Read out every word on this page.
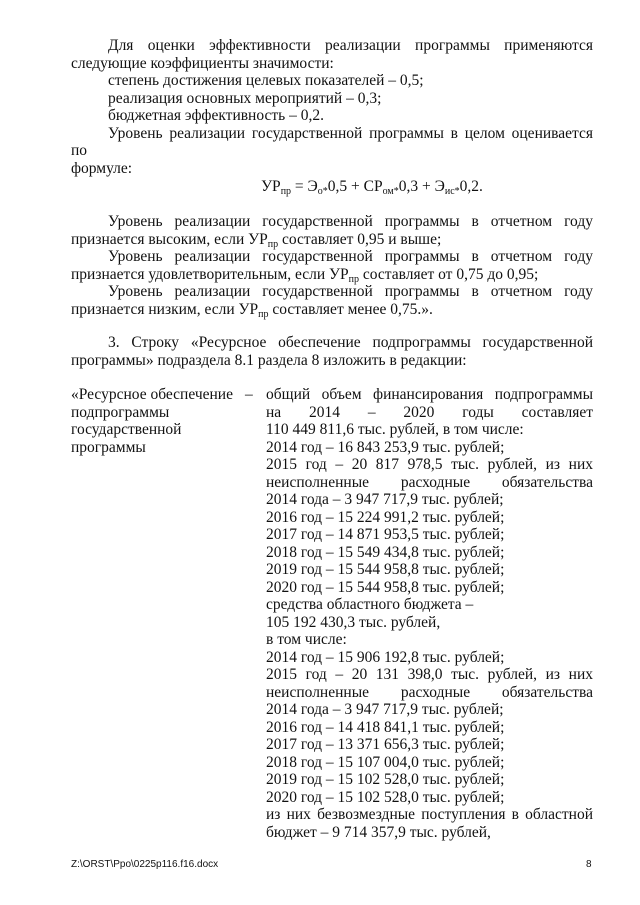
Для оценки эффективности реализации программы применяются

следующие коэффициенты значимости:

степень достижения целевых показателей – 0,5;

реализация основных мероприятий – 0,3;

бюджетная эффективность – 0,2.

Уровень реализации государственной программы в целом оценивается по

формуле:

$УР_{пр} = Э_{о*}0,5 + СР_{ом*}0,3 + Э_{ис*}0,2$.

Уровень реализации государственной программы в отчетном году

признается высоким, если $УР_{пр}$ составляет 0,95 и выше;

Уровень реализации государственной программы в отчетном году

признается удовлетворительным, если $УР_{пр}$ составляет от 0,75 до 0,95;

Уровень реализации государственной программы в отчетном году

признается низким, если $УР_{пр}$ составляет менее 0,75.».

3. Строку «Ресурсное обеспечение подпрограммы государственной

программы» подраздела 8.1 раздела 8 изложить в редакции:

«Ресурсное обеспечение

подпрограммы

государственной

программы

– общий объем финансирования подпрограммы

на 2014 – 2020 годы составляет

110 449 811,6 тыс. рублей, в том числе:

2014 год – 16 843 253,9 тыс. рублей;

2015 год – 20 817 978,5 тыс. рублей, из них

неисполненные расходные обязательства

2014 года – 3 947 717,9 тыс. рублей;

2016 год – 15 224 991,2 тыс. рублей;

2017 год – 14 871 953,5 тыс. рублей;

2018 год – 15 549 434,8 тыс. рублей;

2019 год – 15 544 958,8 тыс. рублей;

2020 год – 15 544 958,8 тыс. рублей;

средства областного бюджета –

105 192 430,3 тыс. рублей,

в том числе:

2014 год – 15 906 192,8 тыс. рублей;

2015 год – 20 131 398,0 тыс. рублей, из них

неисполненные расходные обязательства

2014 года – 3 947 717,9 тыс. рублей;

2016 год – 14 418 841,1 тыс. рублей;

2017 год – 13 371 656,3 тыс. рублей;

2018 год – 15 107 004,0 тыс. рублей;

2019 год – 15 102 528,0 тыс. рублей;

2020 год – 15 102 528,0 тыс. рублей;

из них безвозмездные поступления в областной

бюджет – 9 714 357,9 тыс. рублей,

Z:\ORST\Ppo\0225p116.f16.docx	8
